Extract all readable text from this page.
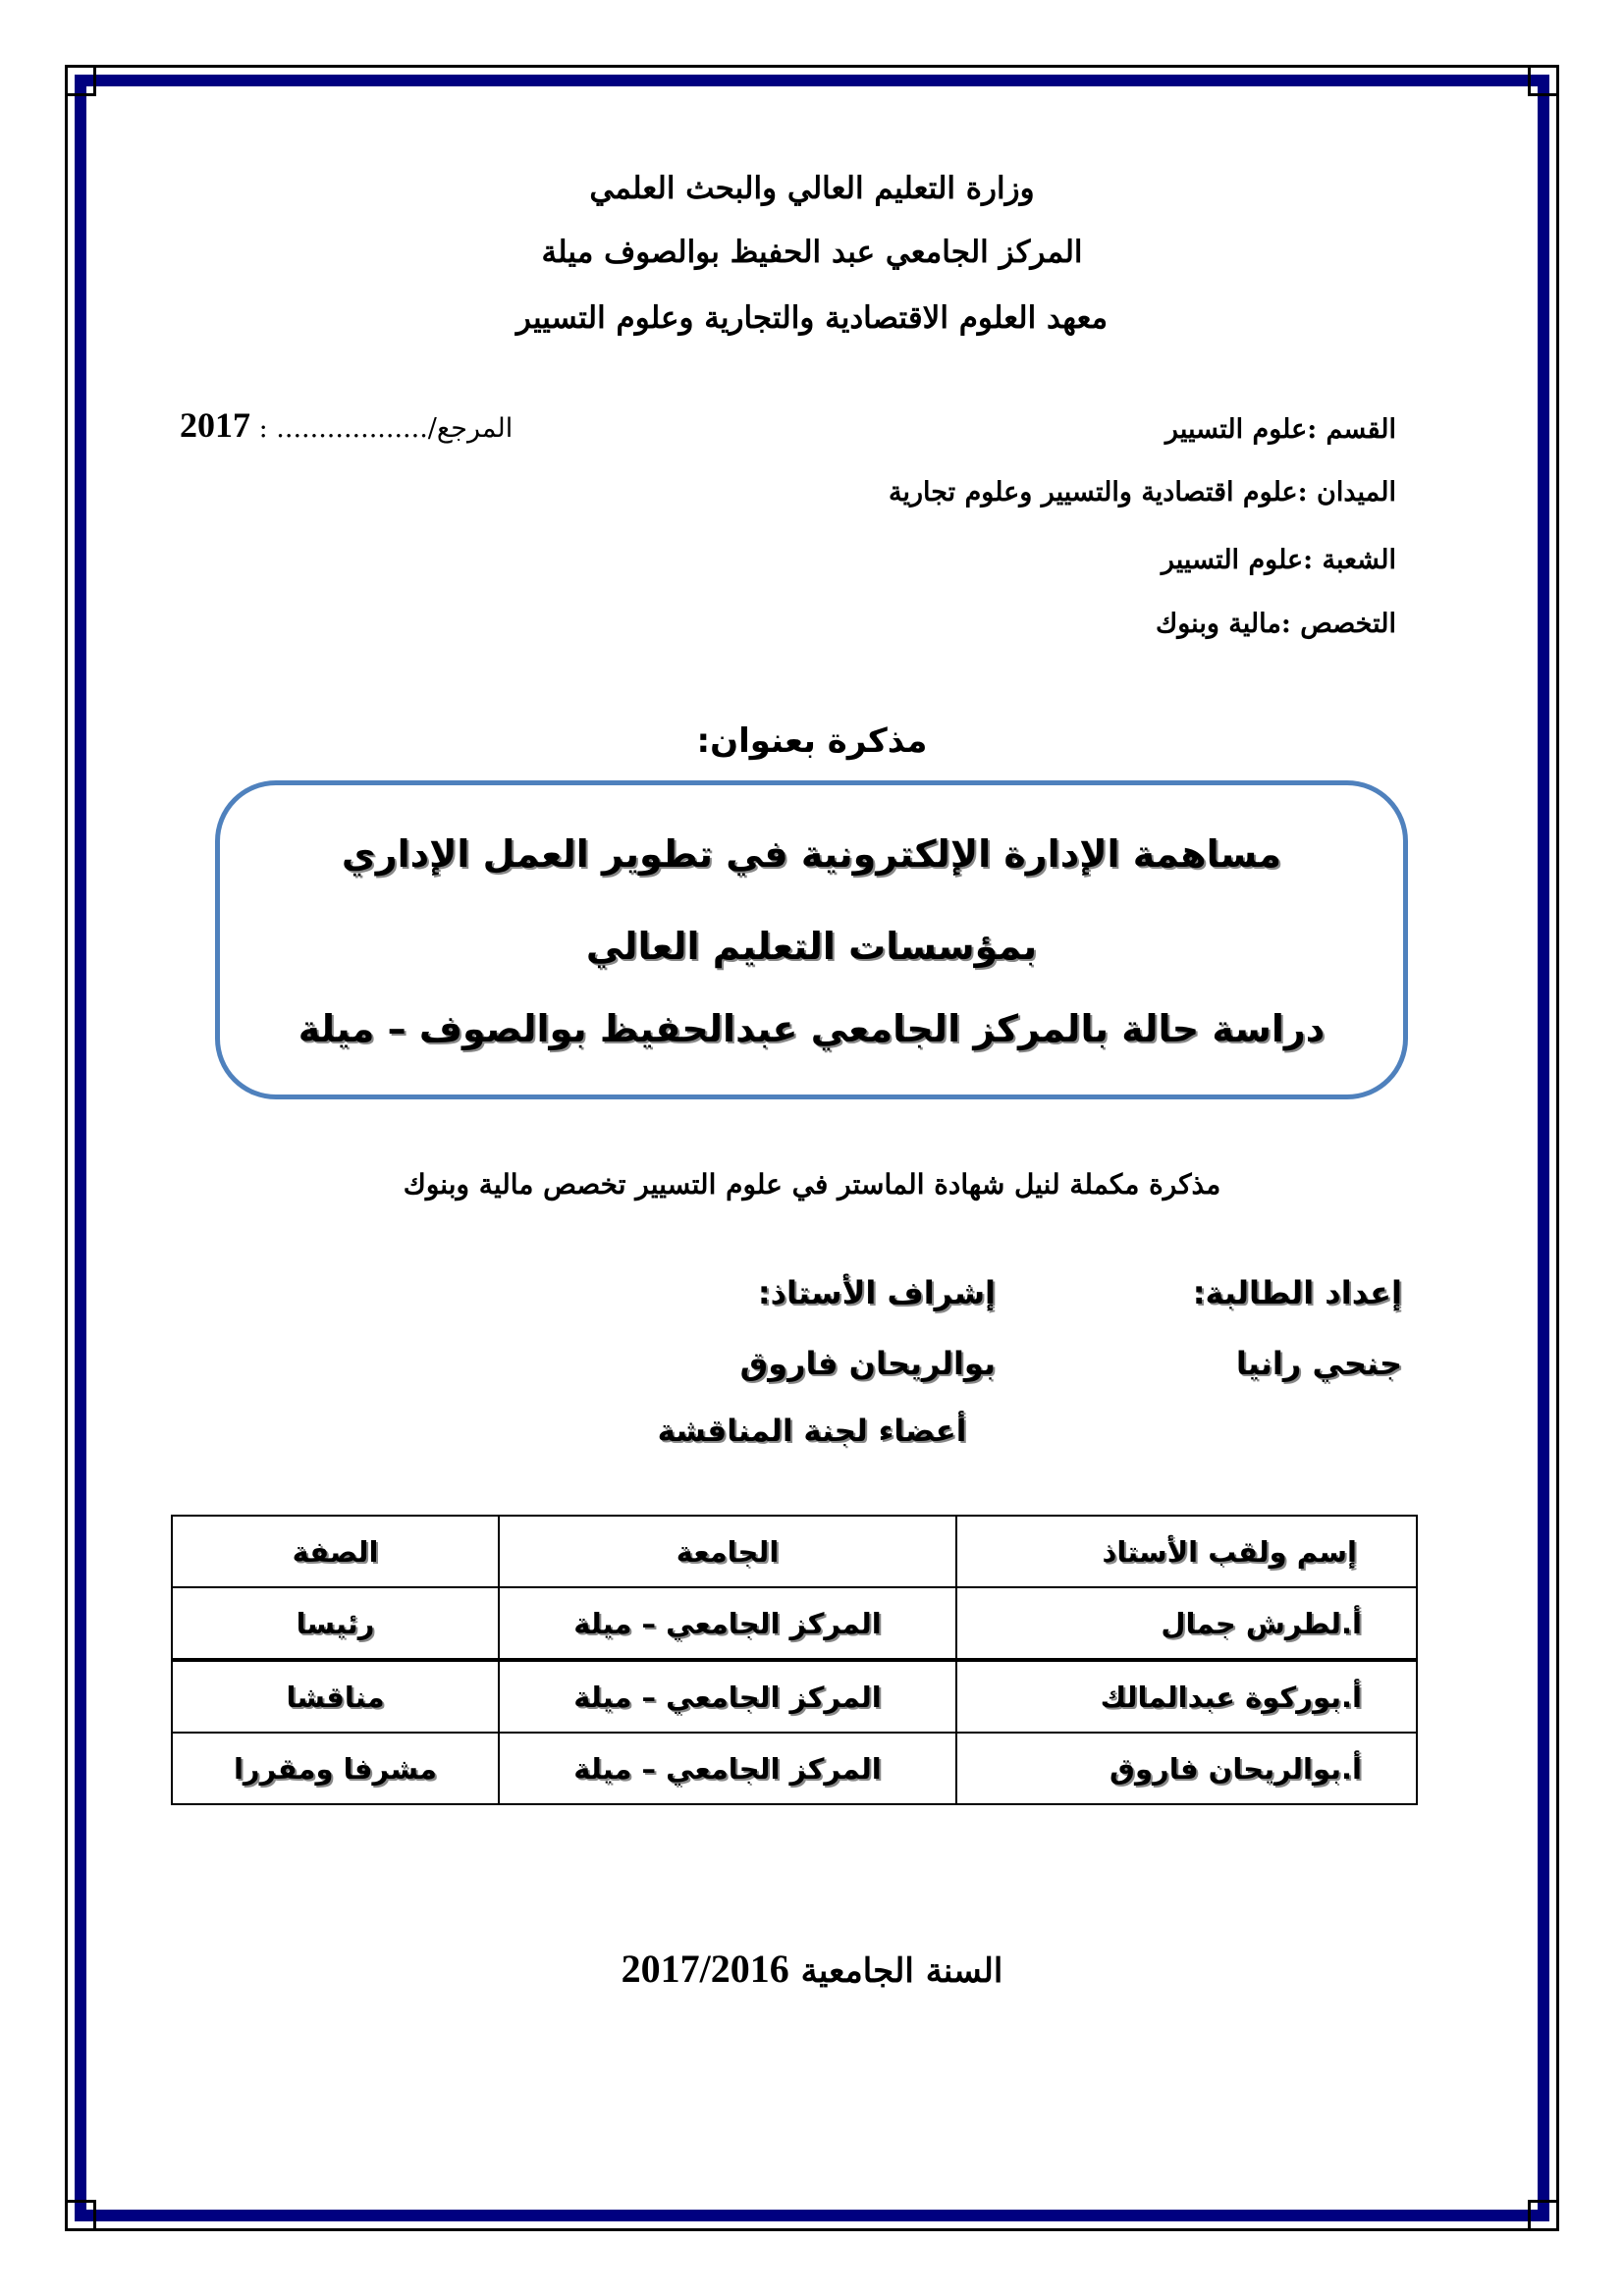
وزارة التعليم العالي والبحث العلمي
المركز الجامعي عبد الحفيظ بوالصوف ميلة
معهد العلوم الاقتصادية والتجارية وعلوم التسيير
2017 : ..................المرجع/	القسم :علوم التسيير
الميدان :علوم اقتصادية والتسيير وعلوم تجارية
الشعبة :علوم التسيير
التخصص :مالية وبنوك
مذكرة بعنوان:
مساهمة الإدارة الإلكترونية في تطوير العمل الإداري
بمؤسسات التعليم العالي
دراسة حالة بالمركز الجامعي عبدالحفيظ بوالصوف – ميلة
مذكرة مكملة لنيل شهادة الماستر في علوم التسيير تخصص مالية وبنوك
إعداد الطالبة:
إشراف الأستاذ:
جنحي رانيا
بوالريحان فاروق
أعضاء لجنة المناقشة
إسم ولقب الأستاذ	الجامعة	الصفة
أ.لطرش جمال	المركز الجامعي – ميلة	رئيسا
أ.بوركوة عبدالمالك	المركز الجامعي – ميلة	مناقشا
أ.بوالريحان فاروق	المركز الجامعي – ميلة	مشرفا ومقررا
2017/2016 السنة الجامعية
